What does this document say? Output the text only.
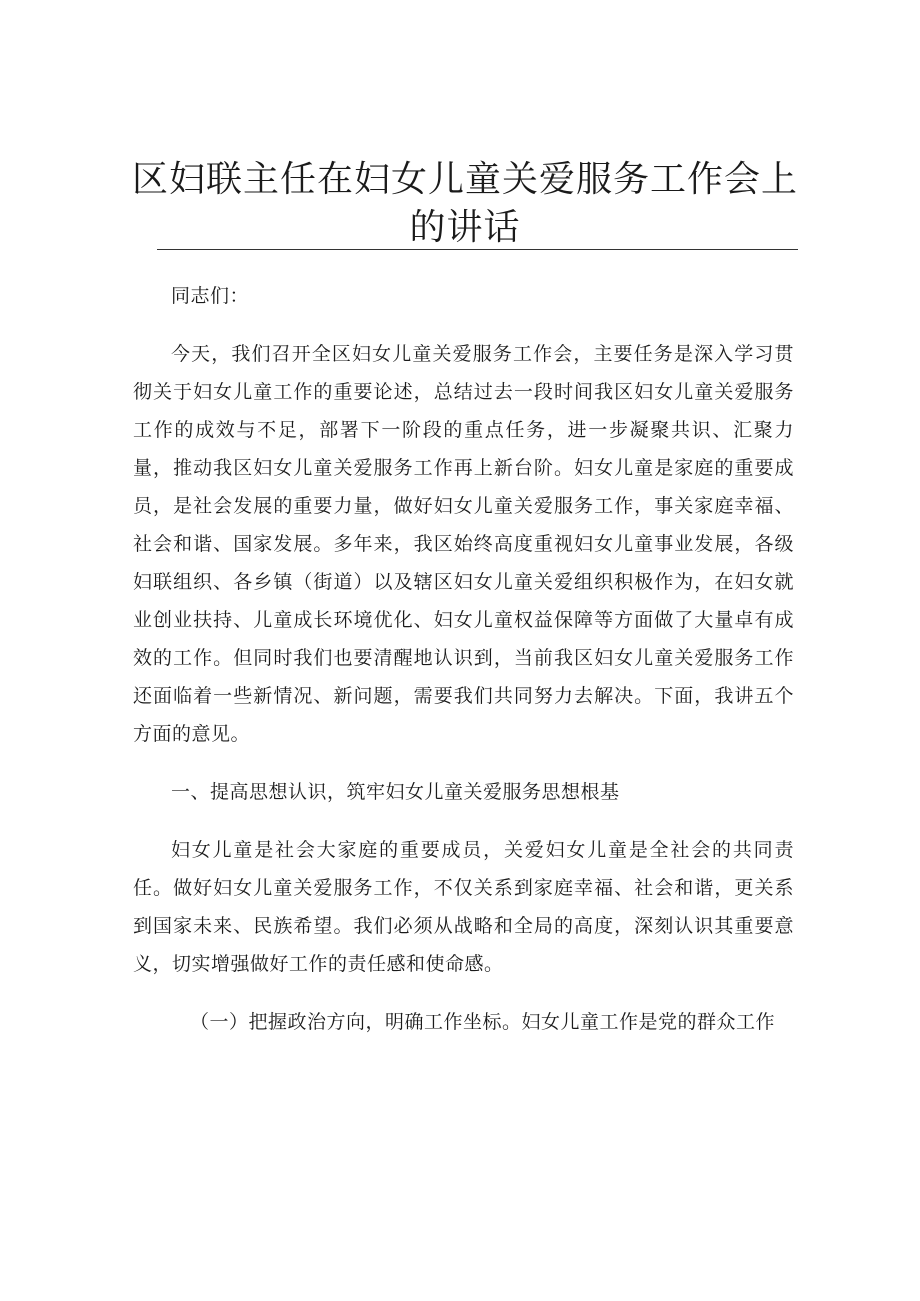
区妇联主任在妇女儿童关爱服务工作会上的讲话

同志们：

今天，我们召开全区妇女儿童关爱服务工作会，主要任务是深入学习贯彻关于妇女儿童工作的重要论述，总结过去一段时间我区妇女儿童关爱服务工作的成效与不足，部署下一阶段的重点任务，进一步凝聚共识、汇聚力量，推动我区妇女儿童关爱服务工作再上新台阶。妇女儿童是家庭的重要成员，是社会发展的重要力量，做好妇女儿童关爱服务工作，事关家庭幸福、社会和谐、国家发展。多年来，我区始终高度重视妇女儿童事业发展，各级妇联组织、各乡镇（街道）以及辖区妇女儿童关爱组织积极作为，在妇女就业创业扶持、儿童成长环境优化、妇女儿童权益保障等方面做了大量卓有成效的工作。但同时我们也要清醒地认识到，当前我区妇女儿童关爱服务工作还面临着一些新情况、新问题，需要我们共同努力去解决。下面，我讲五个方面的意见。

一、提高思想认识，筑牢妇女儿童关爱服务思想根基

妇女儿童是社会大家庭的重要成员，关爱妇女儿童是全社会的共同责任。做好妇女儿童关爱服务工作，不仅关系到家庭幸福、社会和谐，更关系到国家未来、民族希望。我们必须从战略和全局的高度，深刻认识其重要意义，切实增强做好工作的责任感和使命感。

（一）把握政治方向，明确工作坐标。妇女儿童工作是党的群众工作
